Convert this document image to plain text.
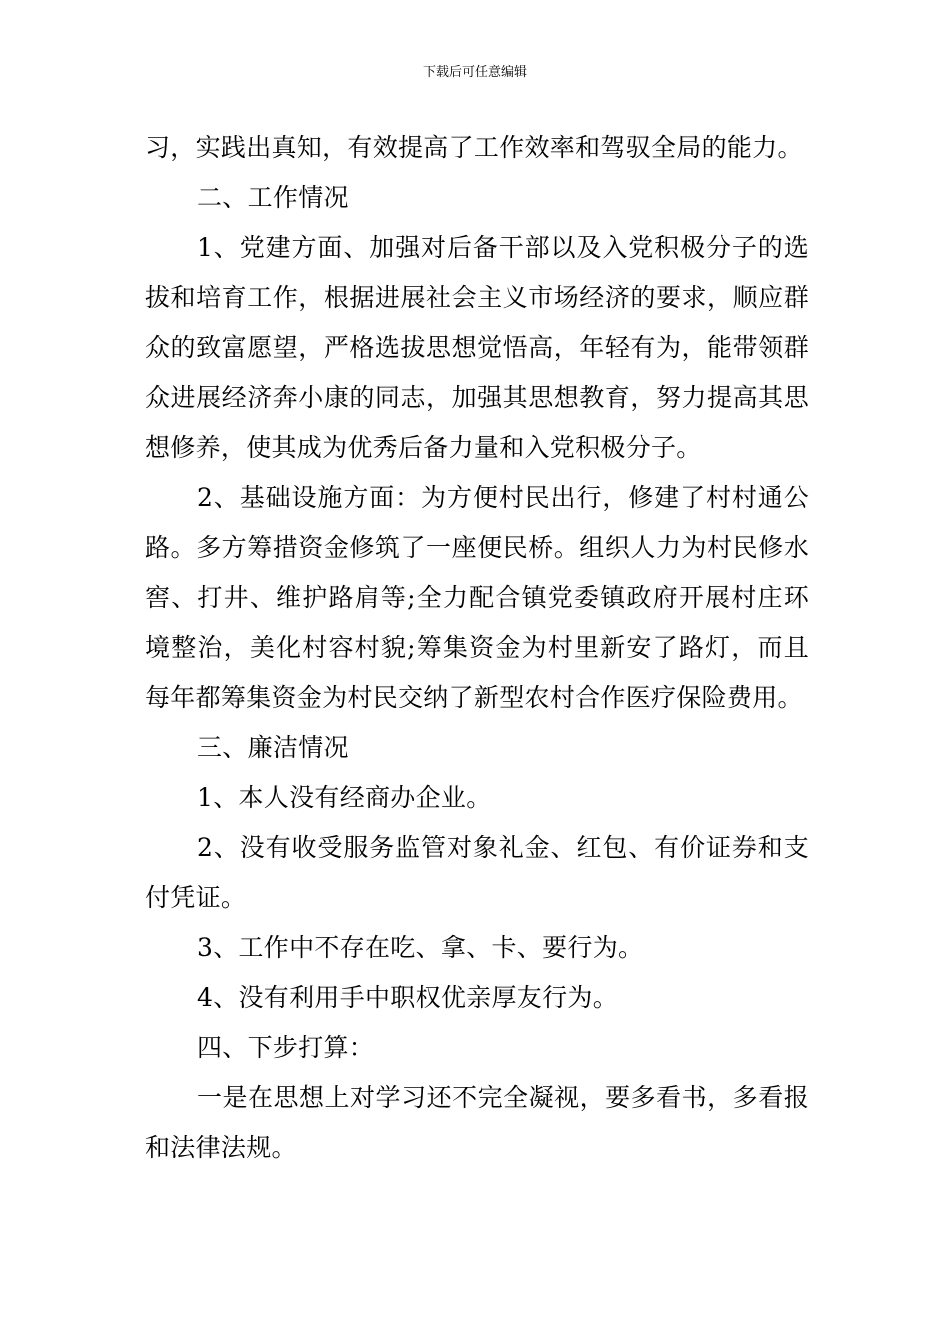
下载后可任意编辑

习，实践出真知，有效提高了工作效率和驾驭全局的能力。

二、工作情况

1、党建方面、加强对后备干部以及入党积极分子的选拔和培育工作，根据进展社会主义市场经济的要求，顺应群众的致富愿望，严格选拔思想觉悟高，年轻有为，能带领群众进展经济奔小康的同志，加强其思想教育，努力提高其思想修养，使其成为优秀后备力量和入党积极分子。

2、基础设施方面：为方便村民出行，修建了村村通公路。多方筹措资金修筑了一座便民桥。组织人力为村民修水窖、打井、维护路肩等;全力配合镇党委镇政府开展村庄环境整治，美化村容村貌;筹集资金为村里新安了路灯，而且每年都筹集资金为村民交纳了新型农村合作医疗保险费用。

三、廉洁情况

1、本人没有经商办企业。

2、没有收受服务监管对象礼金、红包、有价证券和支付凭证。

3、工作中不存在吃、拿、卡、要行为。

4、没有利用手中职权优亲厚友行为。

四、下步打算：

一是在思想上对学习还不完全凝视，要多看书，多看报和法律法规。
